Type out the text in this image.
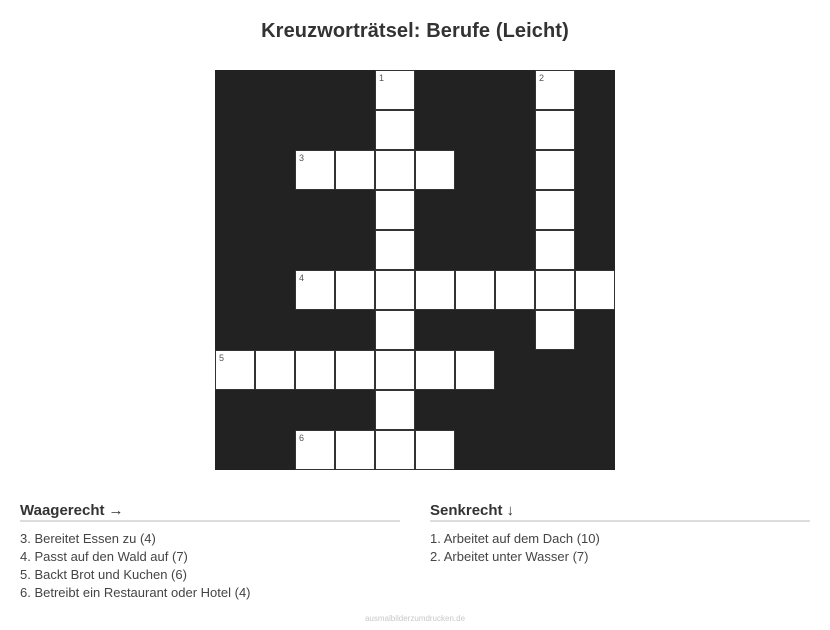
Kreuzworträtsel: Berufe (Leicht)
1	2
3
4
5
6
Waagerecht →
3. Bereitet Essen zu (4)
4. Passt auf den Wald auf (7)
5. Backt Brot und Kuchen (6)
6. Betreibt ein Restaurant oder Hotel (4)
Senkrecht ↓
1. Arbeitet auf dem Dach (10)
2. Arbeitet unter Wasser (7)
ausmalbilderzumdrucken.de
